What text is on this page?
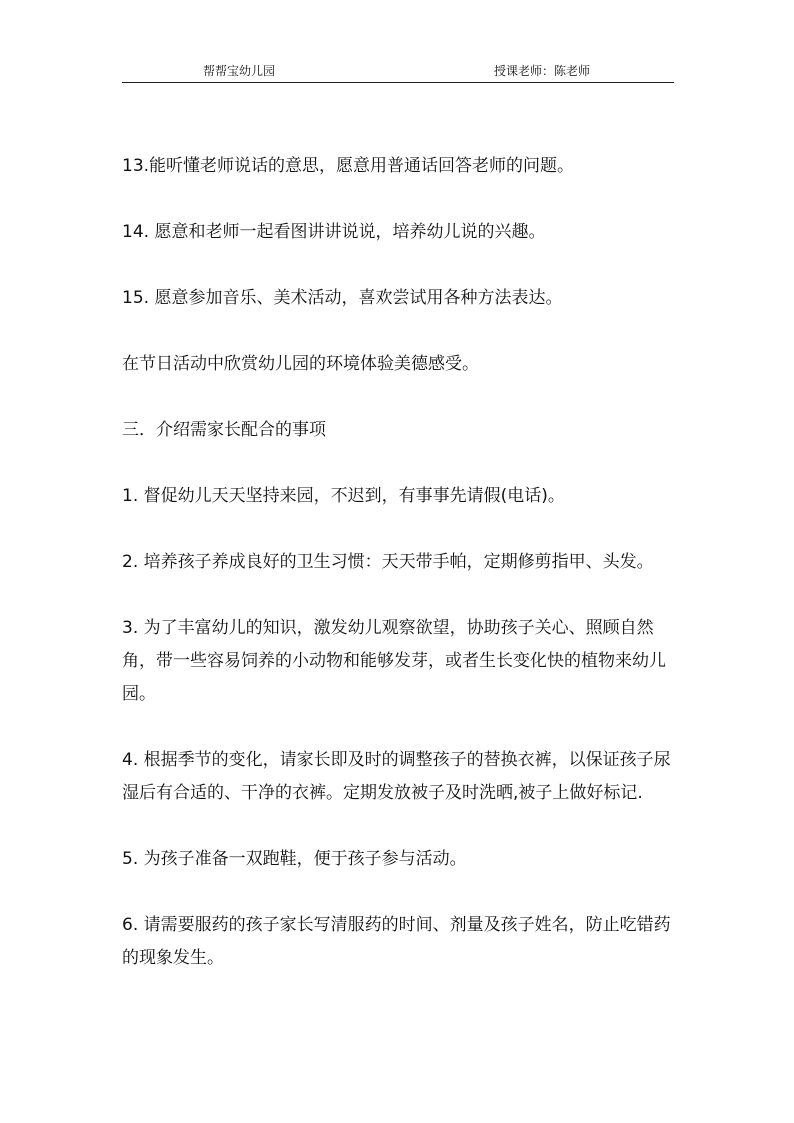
帮帮宝幼儿园	授课老师：陈老师

13.能听懂老师说话的意思，愿意用普通话回答老师的问题。

14. 愿意和老师一起看图讲讲说说，培养幼儿说的兴趣。

15. 愿意参加音乐、美术活动，喜欢尝试用各种方法表达。

在节日活动中欣赏幼儿园的环境体验美德感受。

三．介绍需家长配合的事项

1. 督促幼儿天天坚持来园，不迟到，有事事先请假(电话)。

2. 培养孩子养成良好的卫生习惯：天天带手帕，定期修剪指甲、头发。

3. 为了丰富幼儿的知识，激发幼儿观察欲望，协助孩子关心、照顾自然角，带一些容易饲养的小动物和能够发芽，或者生长变化快的植物来幼儿园。

4. 根据季节的变化，请家长即及时的调整孩子的替换衣裤，以保证孩子尿湿后有合适的、干净的衣裤。定期发放被子及时洗晒,被子上做好标记.

5. 为孩子准备一双跑鞋，便于孩子参与活动。

6. 请需要服药的孩子家长写清服药的时间、剂量及孩子姓名，防止吃错药的现象发生。
